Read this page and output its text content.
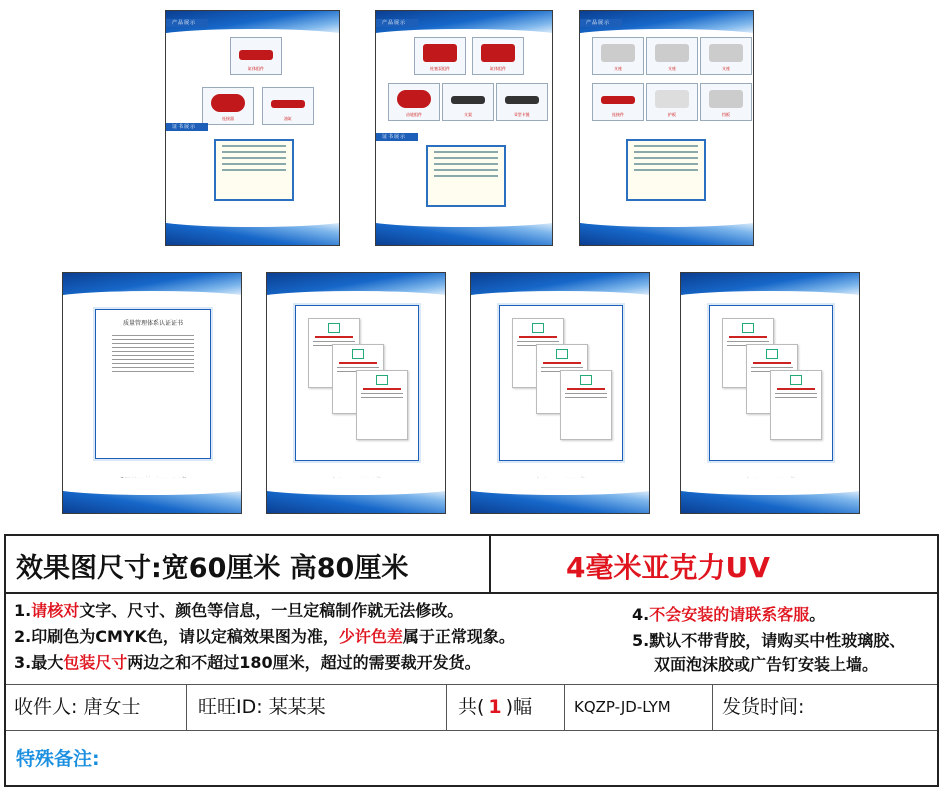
产品展示
缸体组件
连接器	油缸
证书展示
产品展示
柱塞泵组件	缸体组件
齿轮组件	支架	U型卡链
证书展示
产品展示
支座	支座	支座
连接件	护板	挡板
质量管理体系认证证书
效果图尺寸:宽60厘米 高80厘米	4毫米亚克力UV
1.请核对文字、尺寸、颜色等信息，一旦定稿制作就无法修改。
2.印刷色为CMYK色，请以定稿效果图为准，少许色差属于正常现象。
3.最大包装尺寸两边之和不超过180厘米，超过的需要裁开发货。
4.不会安装的请联系客服。
5.默认不带背胶，请购买中性玻璃胶、
双面泡沫胶或广告钉安装上墙。
收件人: 唐女士	旺旺ID: 某某某	共( 1 )幅	KQZP-JD-LYM	发货时间:
特殊备注:
